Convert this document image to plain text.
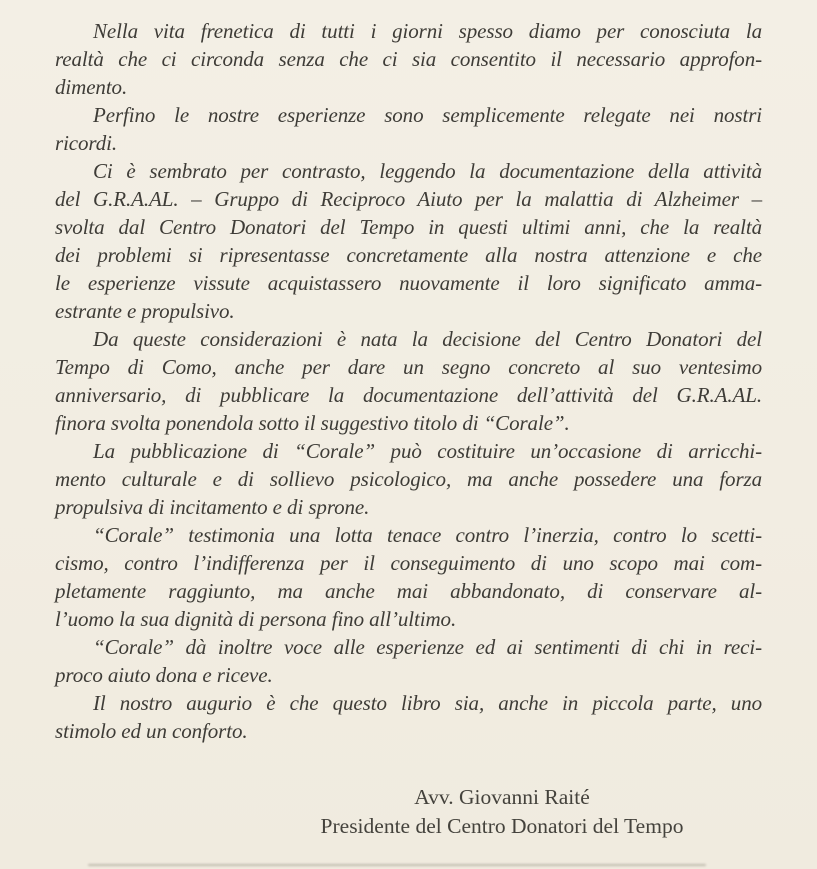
Nella vita frenetica di tutti i giorni spesso diamo per conosciuta la
realtà che ci circonda senza che ci sia consentito il necessario approfon-
dimento.
Perfino le nostre esperienze sono semplicemente relegate nei nostri
ricordi.
Ci è sembrato per contrasto, leggendo la documentazione della attività
del G.R.A.AL. – Gruppo di Reciproco Aiuto per la malattia di Alzheimer –
svolta dal Centro Donatori del Tempo in questi ultimi anni, che la realtà
dei problemi si ripresentasse concretamente alla nostra attenzione e che
le esperienze vissute acquistassero nuovamente il loro significato amma-
estrante e propulsivo.
Da queste considerazioni è nata la decisione del Centro Donatori del
Tempo di Como, anche per dare un segno concreto al suo ventesimo
anniversario, di pubblicare la documentazione dell’attività del G.R.A.AL.
finora svolta ponendola sotto il suggestivo titolo di “Corale”.
La pubblicazione di “Corale” può costituire un’occasione di arricchi-
mento culturale e di sollievo psicologico, ma anche possedere una forza
propulsiva di incitamento e di sprone.
“Corale” testimonia una lotta tenace contro l’inerzia, contro lo scetti-
cismo, contro l’indifferenza per il conseguimento di uno scopo mai com-
pletamente raggiunto, ma anche mai abbandonato, di conservare al-
l’uomo la sua dignità di persona fino all’ultimo.
“Corale” dà inoltre voce alle esperienze ed ai sentimenti di chi in reci-
proco aiuto dona e riceve.
Il nostro augurio è che questo libro sia, anche in piccola parte, uno
stimolo ed un conforto.
Avv. Giovanni Raité
Presidente del Centro Donatori del Tempo
